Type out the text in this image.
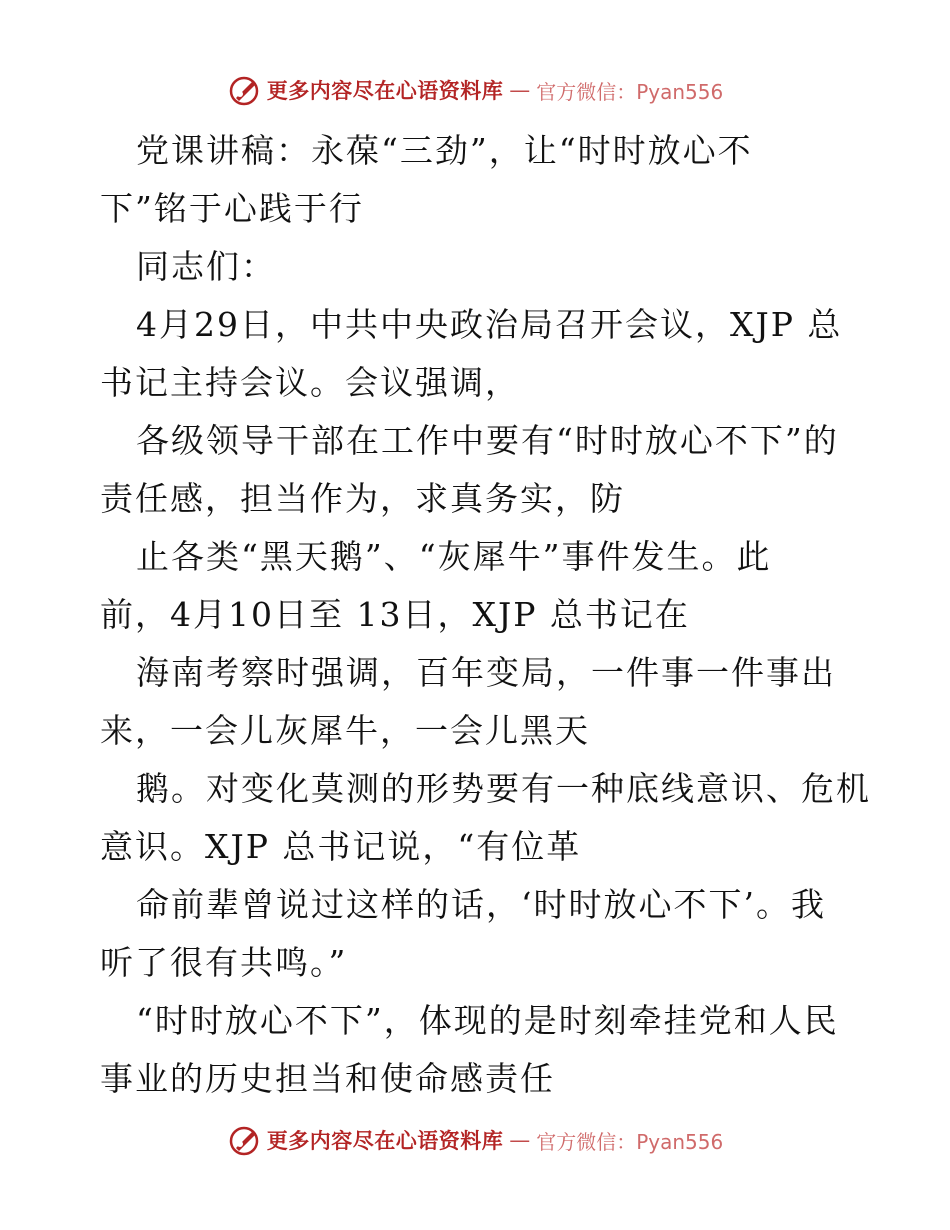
更多内容尽在心语资料库 — 官方微信：Pyan556

党课讲稿：永葆“三劲”，让“时时放心不

下”铭于心践于行

同志们：

4月29日，中共中央政治局召开会议，XJP 总

书记主持会议。会议强调，

各级领导干部在工作中要有“时时放心不下”的

责任感，担当作为，求真务实，防

止各类“黑天鹅”、“灰犀牛”事件发生。此

前，4月10日至 13日，XJP 总书记在

海南考察时强调，百年变局，一件事一件事出

来，一会儿灰犀牛，一会儿黑天

鹅。对变化莫测的形势要有一种底线意识、危机

意识。XJP 总书记说，“有位革

命前辈曾说过这样的话，‘时时放心不下’。我

听了很有共鸣。”

“时时放心不下”，体现的是时刻牵挂党和人民

事业的历史担当和使命感责任

更多内容尽在心语资料库 — 官方微信：Pyan556
